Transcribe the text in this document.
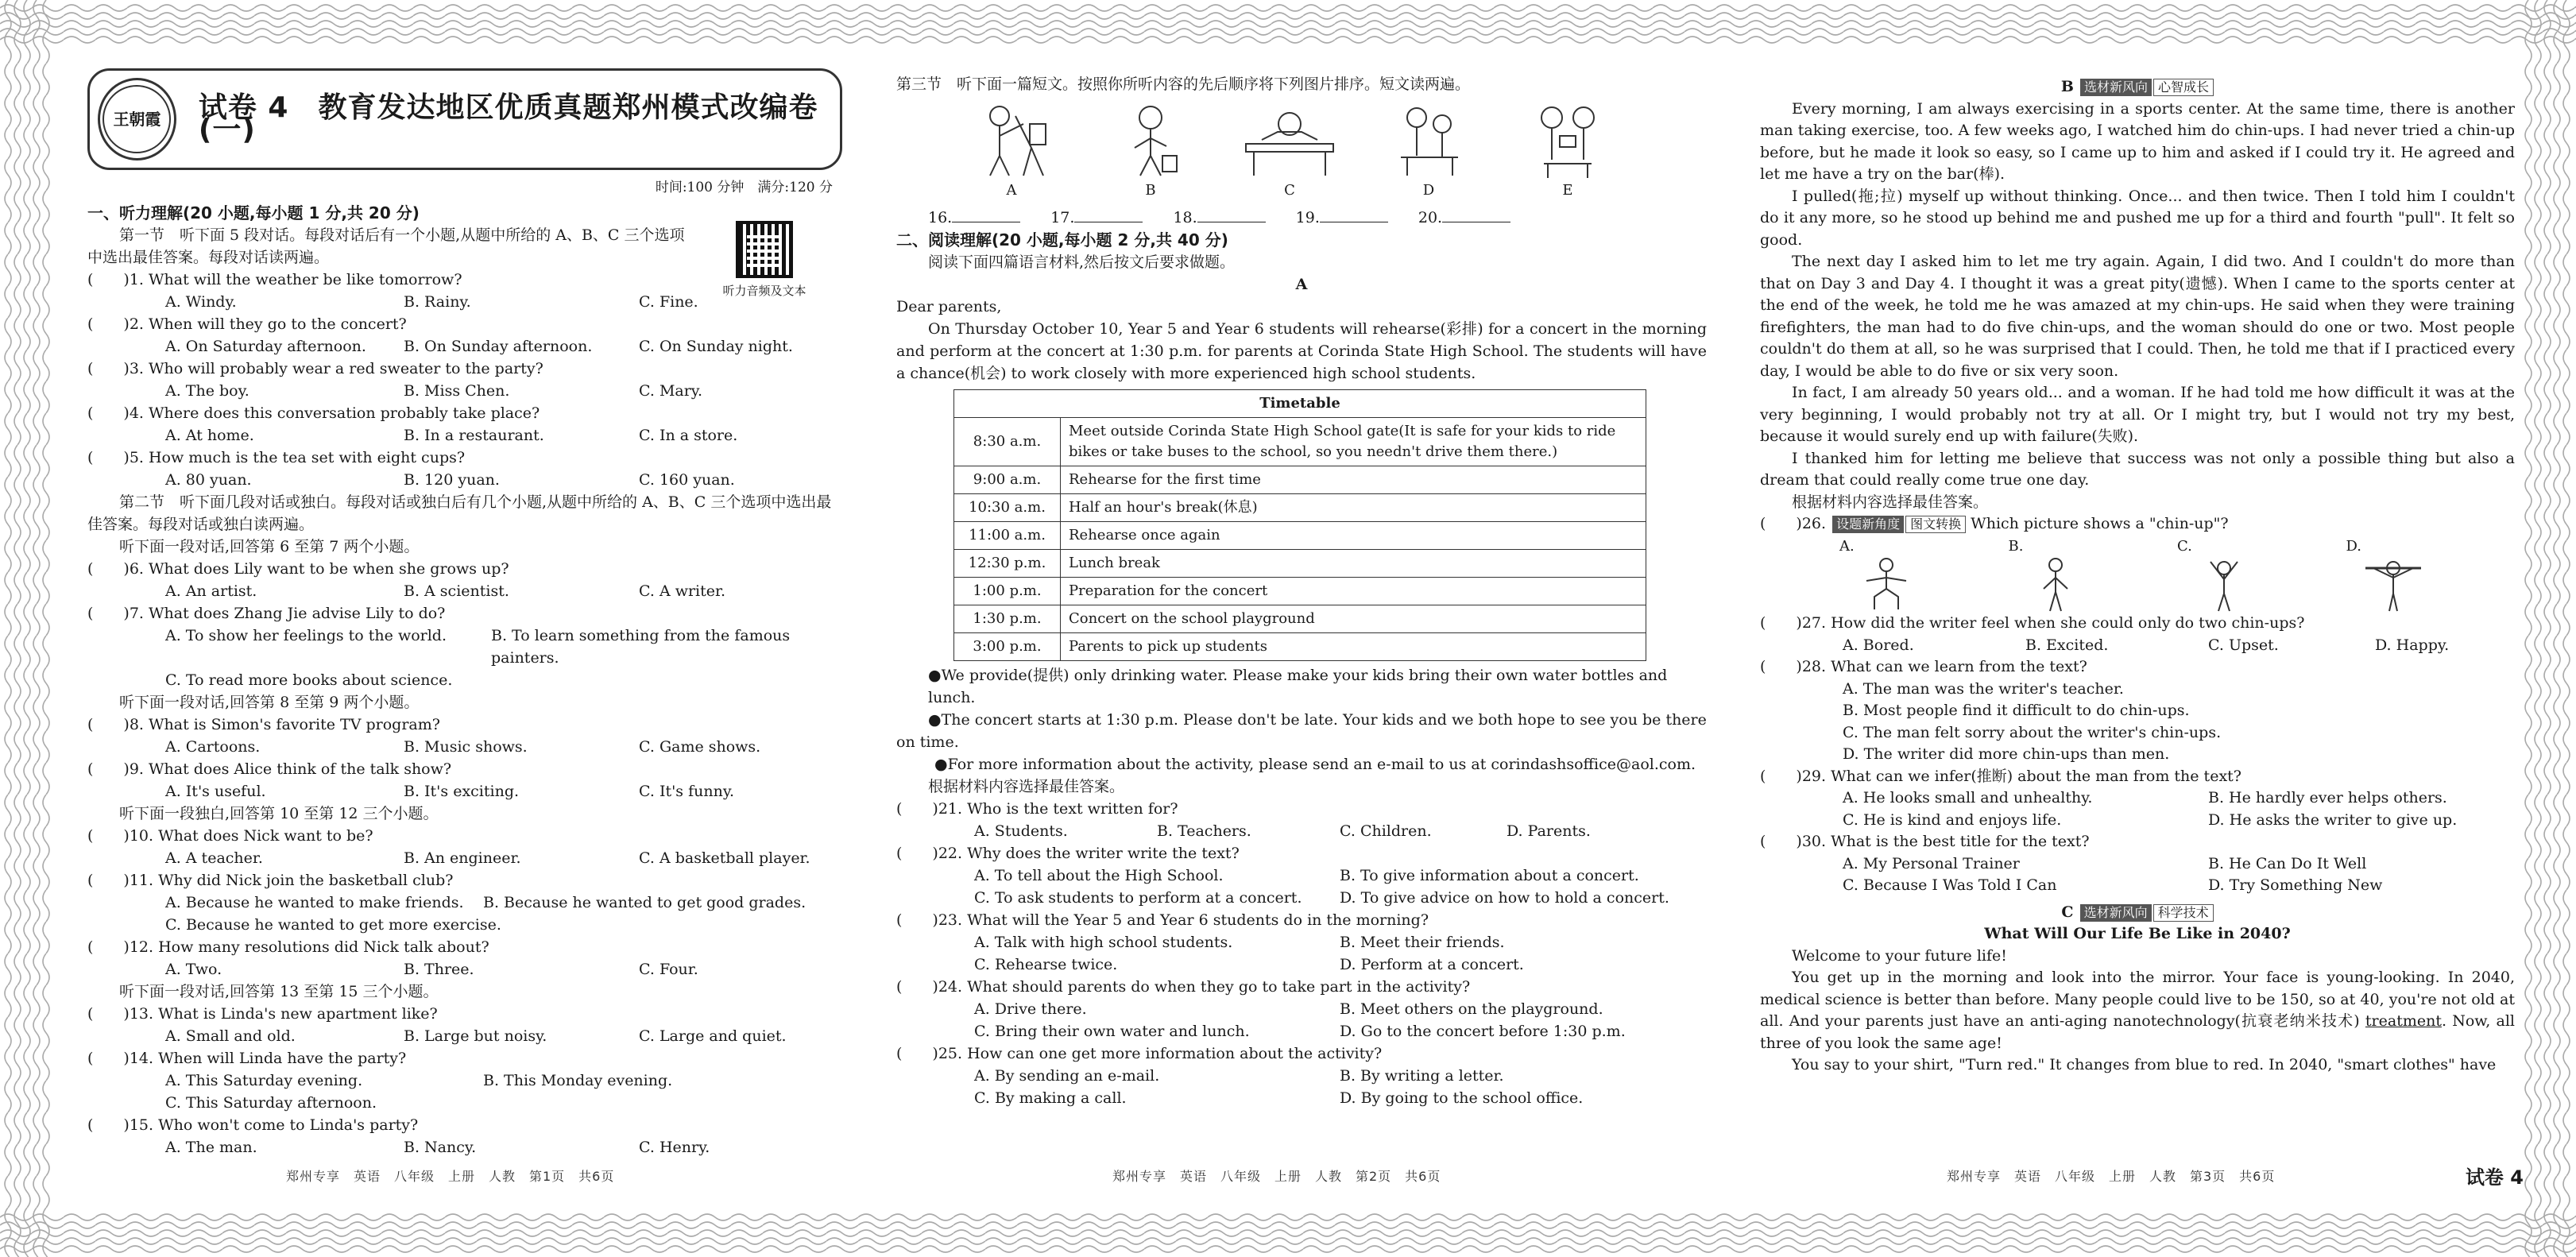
王朝霞	试卷 4　教育发达地区优质真题郑州模式改编卷(一)
时间:100 分钟　满分:120 分
听力音频及文本
一、听力理解(20 小题,每小题 1 分,共 20 分)
第一节　听下面 5 段对话。每段对话后有一个小题,从题中所给的 A、B、C 三个选项中选出最佳答案。每段对话读两遍。
(　　)1. What will the weather be like tomorrow?
A. Windy.	B. Rainy.	C. Fine.
(　　)2. When will they go to the concert?
A. On Saturday afternoon.	B. On Sunday afternoon.	C. On Sunday night.
(　　)3. Who will probably wear a red sweater to the party?
A. The boy.	B. Miss Chen.	C. Mary.
(　　)4. Where does this conversation probably take place?
A. At home.	B. In a restaurant.	C. In a store.
(　　)5. How much is the tea set with eight cups?
A. 80 yuan.	B. 120 yuan.	C. 160 yuan.
第二节　听下面几段对话或独白。每段对话或独白后有几个小题,从题中所给的 A、B、C 三个选项中选出最佳答案。每段对话或独白读两遍。
听下面一段对话,回答第 6 至第 7 两个小题。
(　　)6. What does Lily want to be when she grows up?
A. An artist.	B. A scientist.	C. A writer.
(　　)7. What does Zhang Jie advise Lily to do?
A. To show her feelings to the world.	B. To learn something from the famous painters.
C. To read more books about science.
听下面一段对话,回答第 8 至第 9 两个小题。
(　　)8. What is Simon's favorite TV program?
A. Cartoons.	B. Music shows.	C. Game shows.
(　　)9. What does Alice think of the talk show?
A. It's useful.	B. It's exciting.	C. It's funny.
听下面一段独白,回答第 10 至第 12 三个小题。
(　　)10. What does Nick want to be?
A. A teacher.	B. An engineer.	C. A basketball player.
(　　)11. Why did Nick join the basketball club?
A. Because he wanted to make friends.	B. Because he wanted to get good grades.
C. Because he wanted to get more exercise.
(　　)12. How many resolutions did Nick talk about?
A. Two.	B. Three.	C. Four.
听下面一段对话,回答第 13 至第 15 三个小题。
(　　)13. What is Linda's new apartment like?
A. Small and old.	B. Large but noisy.	C. Large and quiet.
(　　)14. When will Linda have the party?
A. This Saturday evening.	B. This Monday evening.
C. This Saturday afternoon.
(　　)15. Who won't come to Linda's party?
A. The man.	B. Nancy.	C. Henry.
第三节　听下面一篇短文。按照你所听内容的先后顺序将下列图片排序。短文读两遍。
A	B	C	D	E
16.	17.	18.	19.	20.
二、阅读理解(20 小题,每小题 2 分,共 40 分)
阅读下面四篇语言材料,然后按文后要求做题。
A
Dear parents,
On Thursday October 10, Year 5 and Year 6 students will rehearse(彩排) for a concert in the morning and perform at the concert at 1:30 p.m. for parents at Corinda State High School. The students will have a chance(机会) to work closely with more experienced high school students.
Timetable	
8:30 a.m.	Meet outside Corinda State High School gate(It is safe for your kids to ride bikes or take buses to the school, so you needn't drive them there.)
9:00 a.m.	Rehearse for the first time
10:30 a.m.	Half an hour's break(休息)
11:00 a.m.	Rehearse once again
12:30 p.m.	Lunch break
1:00 p.m.	Preparation for the concert
1:30 p.m.	Concert on the school playground
3:00 p.m.	Parents to pick up students
●We provide(提供) only drinking water. Please make your kids bring their own water bottles and lunch.
●The concert starts at 1:30 p.m. Please don't be late. Your kids and we both hope to see you be there on time.
●For more information about the activity, please send an e-mail to us at corindashsoffice@aol.com.
根据材料内容选择最佳答案。
(　　)21. Who is the text written for?
A. Students.	B. Teachers.	C. Children.	D. Parents.
(　　)22. Why does the writer write the text?
A. To tell about the High School.	B. To give information about a concert.
C. To ask students to perform at a concert.	D. To give advice on how to hold a concert.
(　　)23. What will the Year 5 and Year 6 students do in the morning?
A. Talk with high school students.	B. Meet their friends.
C. Rehearse twice.	D. Perform at a concert.
(　　)24. What should parents do when they go to take part in the activity?
A. Drive there.	B. Meet others on the playground.
C. Bring their own water and lunch.	D. Go to the concert before 1:30 p.m.
(　　)25. How can one get more information about the activity?
A. By sending an e-mail.	B. By writing a letter.
C. By making a call.	D. By going to the school office.
B 选材新风向 心智成长
Every morning, I am always exercising in a sports center. At the same time, there is another man taking exercise, too. A few weeks ago, I watched him do chin-ups. I had never tried a chin-up before, but he made it look so easy, so I came up to him and asked if I could try it. He agreed and let me have a try on the bar(棒).
I pulled(拖;拉) myself up without thinking. Once... and then twice. Then I told him I couldn't do it any more, so he stood up behind me and pushed me up for a third and fourth "pull". It felt so good.
The next day I asked him to let me try again. Again, I did two. And I couldn't do more than that on Day 3 and Day 4. I thought it was a great pity(遗憾). When I came to the sports center at the end of the week, he told me he was amazed at my chin-ups. He said when they were training firefighters, the man had to do five chin-ups, and the woman should do one or two. Most people couldn't do them at all, so he was surprised that I could. Then, he told me that if I practiced every day, I would be able to do five or six very soon.
In fact, I am already 50 years old... and a woman. If he had told me how difficult it was at the very beginning, I would probably not try at all. Or I might try, but I would not try my best, because it would surely end up with failure(失败).
I thanked him for letting me believe that success was not only a possible thing but also a dream that could really come true one day.
根据材料内容选择最佳答案。
(　　)26. 设题新角度 图文转换 Which picture shows a "chin-up"?
A.	B.	C.	D.
(　　)27. How did the writer feel when she could only do two chin-ups?
A. Bored.	B. Excited.	C. Upset.	D. Happy.
(　　)28. What can we learn from the text?
A. The man was the writer's teacher.
B. Most people find it difficult to do chin-ups.
C. The man felt sorry about the writer's chin-ups.
D. The writer did more chin-ups than men.
(　　)29. What can we infer(推断) about the man from the text?
A. He looks small and unhealthy.	B. He hardly ever helps others.
C. He is kind and enjoys life.	D. He asks the writer to give up.
(　　)30. What is the best title for the text?
A. My Personal Trainer	B. He Can Do It Well
C. Because I Was Told I Can	D. Try Something New
C 选材新风向 科学技术
What Will Our Life Be Like in 2040?
Welcome to your future life!
You get up in the morning and look into the mirror. Your face is young-looking. In 2040, medical science is better than before. Many people could live to be 150, so at 40, you're not old at all. And your parents just have an anti-aging nanotechnology(抗衰老纳米技术) treatment. Now, all three of you look the same age!
You say to your shirt, "Turn red." It changes from blue to red. In 2040, "smart clothes" have
郑州专享　英语　八年级　上册　人教　第1页　共6页	郑州专享　英语　八年级　上册　人教　第2页　共6页	郑州专享　英语　八年级　上册　人教　第3页　共6页	试卷 4
